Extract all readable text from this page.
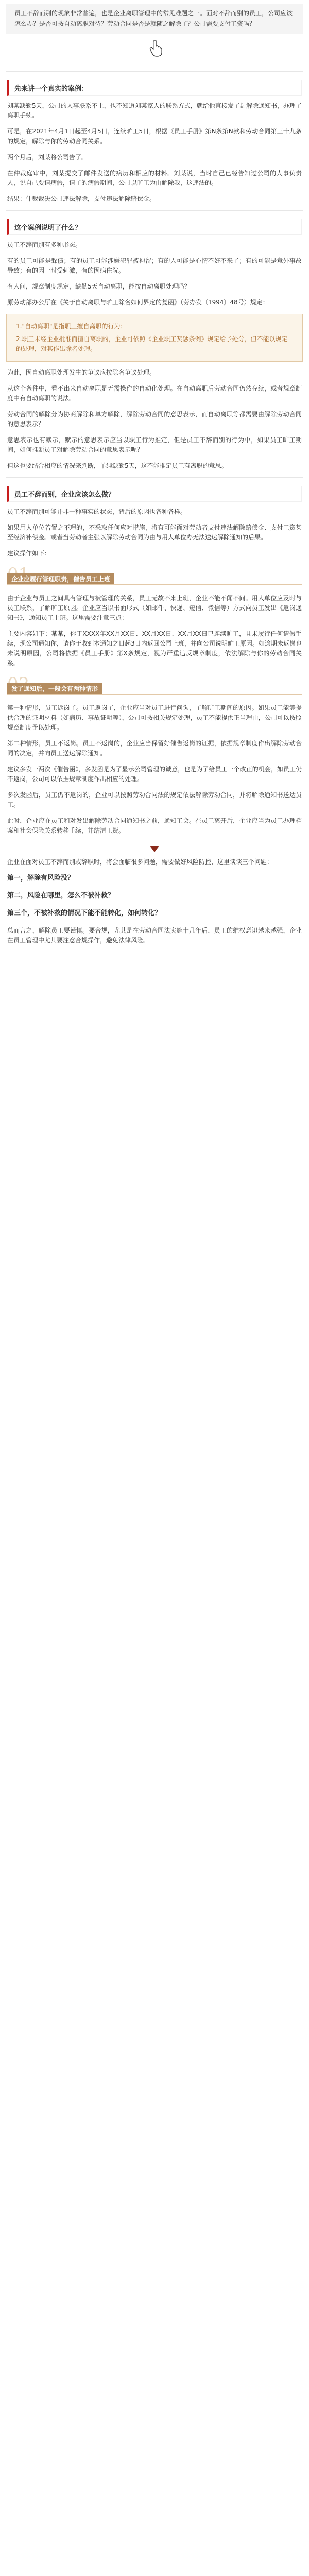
员工不辞而别的现象非常普遍，也是企业离职管理中的常见难题之一。面对不辞而别的员工，公司应该怎么办？是否可按自动离职对待？劳动合同是否是就随之解除了？公司需要支付工资吗？
先来讲一个真实的案例：

刘某缺勤5天，公司的人事联系不上，也不知道刘某家人的联系方式，就给他直接发了封解除通知书，办理了离职手续。

可是，在2021年4月1日起至4月5日，连续旷工5日，根据《员工手册》第N条第N款和劳动合同第三十九条的规定，解除与你的劳动合同关系。

两个月后，刘某将公司告了。

在仲裁庭审中，刘某提交了邮件发送的病历和相应的材料。刘某说，当时自己已经告知过公司的人事负责人，说自己要请病假，请了的病假期间，公司以旷工为由解除我，这违法的。

结果：仲裁裁决公司违法解除，支付违法解除赔偿金。

这个案例说明了什么？

员工不辞而别有多种形态。

有的员工可能是躲债；有的员工可能涉嫌犯罪被拘留；有的人可能是心情不好不来了；有的可能是意外事故导致；有的因一时受刺激，有的因病住院。

有人问，规章制度规定，缺勤5天自动离职，能按自动离职处理吗？

原劳动部办公厅在《关于自动离职与旷工除名如何界定的复函》（劳办发〔1994〕48号）规定：

1."自动离职"是指职工擅自离职的行为；

2.职工未经企业批准而擅自离职的，企业可依照《企业职工奖惩条例》规定给予处分，但不能以规定的处理，对其作出除名处理。

为此，因自动离职处理发生的争议应按除名争议处理。

从这个条件中，看不出来自动离职是无需操作的自动化处理。在自动离职后劳动合同仍然存续，或者规章制度中有自动离职的说法。

劳动合同的解除分为协商解除和单方解除，解除劳动合同的意思表示，而自动离职等都需要由解除劳动合同的意思表示？

意思表示也有默示，默示的意思表示应当以职工行为推定，但是员工不辞而别的行为中，如果员工旷工期间，如何推断员工对解除劳动合同的意思表示呢？

但这也要结合相应的情况来判断，单纯缺勤5天，这不能推定员工有离职的意思。

员工不辞而别，企业应该怎么做？

员工不辞而别可能并非一种事实的状态，背后的原因也各种各样。

如果用人单位若置之不理的，不采取任何应对措施，将有可能面对劳动者支付违法解除赔偿金、支付工资甚至经济补偿金。或者当劳动者主张以解除劳动合同为由与用人单位办无法送达解除通知的后果。

建议操作如下：

企业应履行管理职责，催告员工上班

由于企业与员工之间具有管理与被管理的关系，员工无故不来上班，企业不能不闻不问。用人单位应及时与员工联系，了解旷工原因。企业应当以书面形式（如邮件、快递、短信、微信等）方式向员工发出《返岗通知书》，通知员工上班。这里需要注意三点：

主要内容如下：某某，你于XXXX年XX月XX日、XX月XX日、XX月XX日已连续旷工，且未履行任何请假手续，现公司通知你，请你于收到本通知之日起3日内返回公司上班，并向公司说明旷工原因。如逾期未返岗也未说明原因，公司将依据《员工手册》第X条规定，视为严重违反规章制度，依法解除与你的劳动合同关系。

发了通知后，一般会有两种情形

第一种情形，员工返岗了。员工返岗了，企业应当对员工进行问询，了解旷工期间的原因。如果员工能够提供合理的证明材料（如病历、事故证明等），公司可按相关规定处理，员工不能提供正当理由，公司可以按照规章制度予以处理。

第二种情形，员工不返岗。员工不返岗的，企业应当保留好催告返岗的证据，依据规章制度作出解除劳动合同的决定，并向员工送达解除通知。

建议多发一两次《催告函》，多发函是为了显示公司管理的诚意，也是为了给员工一个改正的机会，如员工仍不返岗，公司可以依据规章制度作出相应的处理。

多次发函后，员工仍不返岗的，企业可以按照劳动合同法的规定依法解除劳动合同，并将解除通知书送达员工。

此时，企业应在员工和对发出解除劳动合同通知书之前，通知工会。在员工离开后，企业应当为员工办理档案和社会保险关系转移手续，并结清工资。

企业在面对员工不辞而别或辞职时，将会面临很多问题，需要做好风险防控，这里谈谈三个问题：

第一，解除有风险没？
第二，风险在哪里，怎么不被补救？
第三个，不被补救的情况下能不能转化，如何转化？

总而言之，解除员工要谨慎。要合规，尤其是在劳动合同法实施十几年后，员工的维权意识越来越强，企业在员工管理中尤其要注意合规操作，避免法律风险。
